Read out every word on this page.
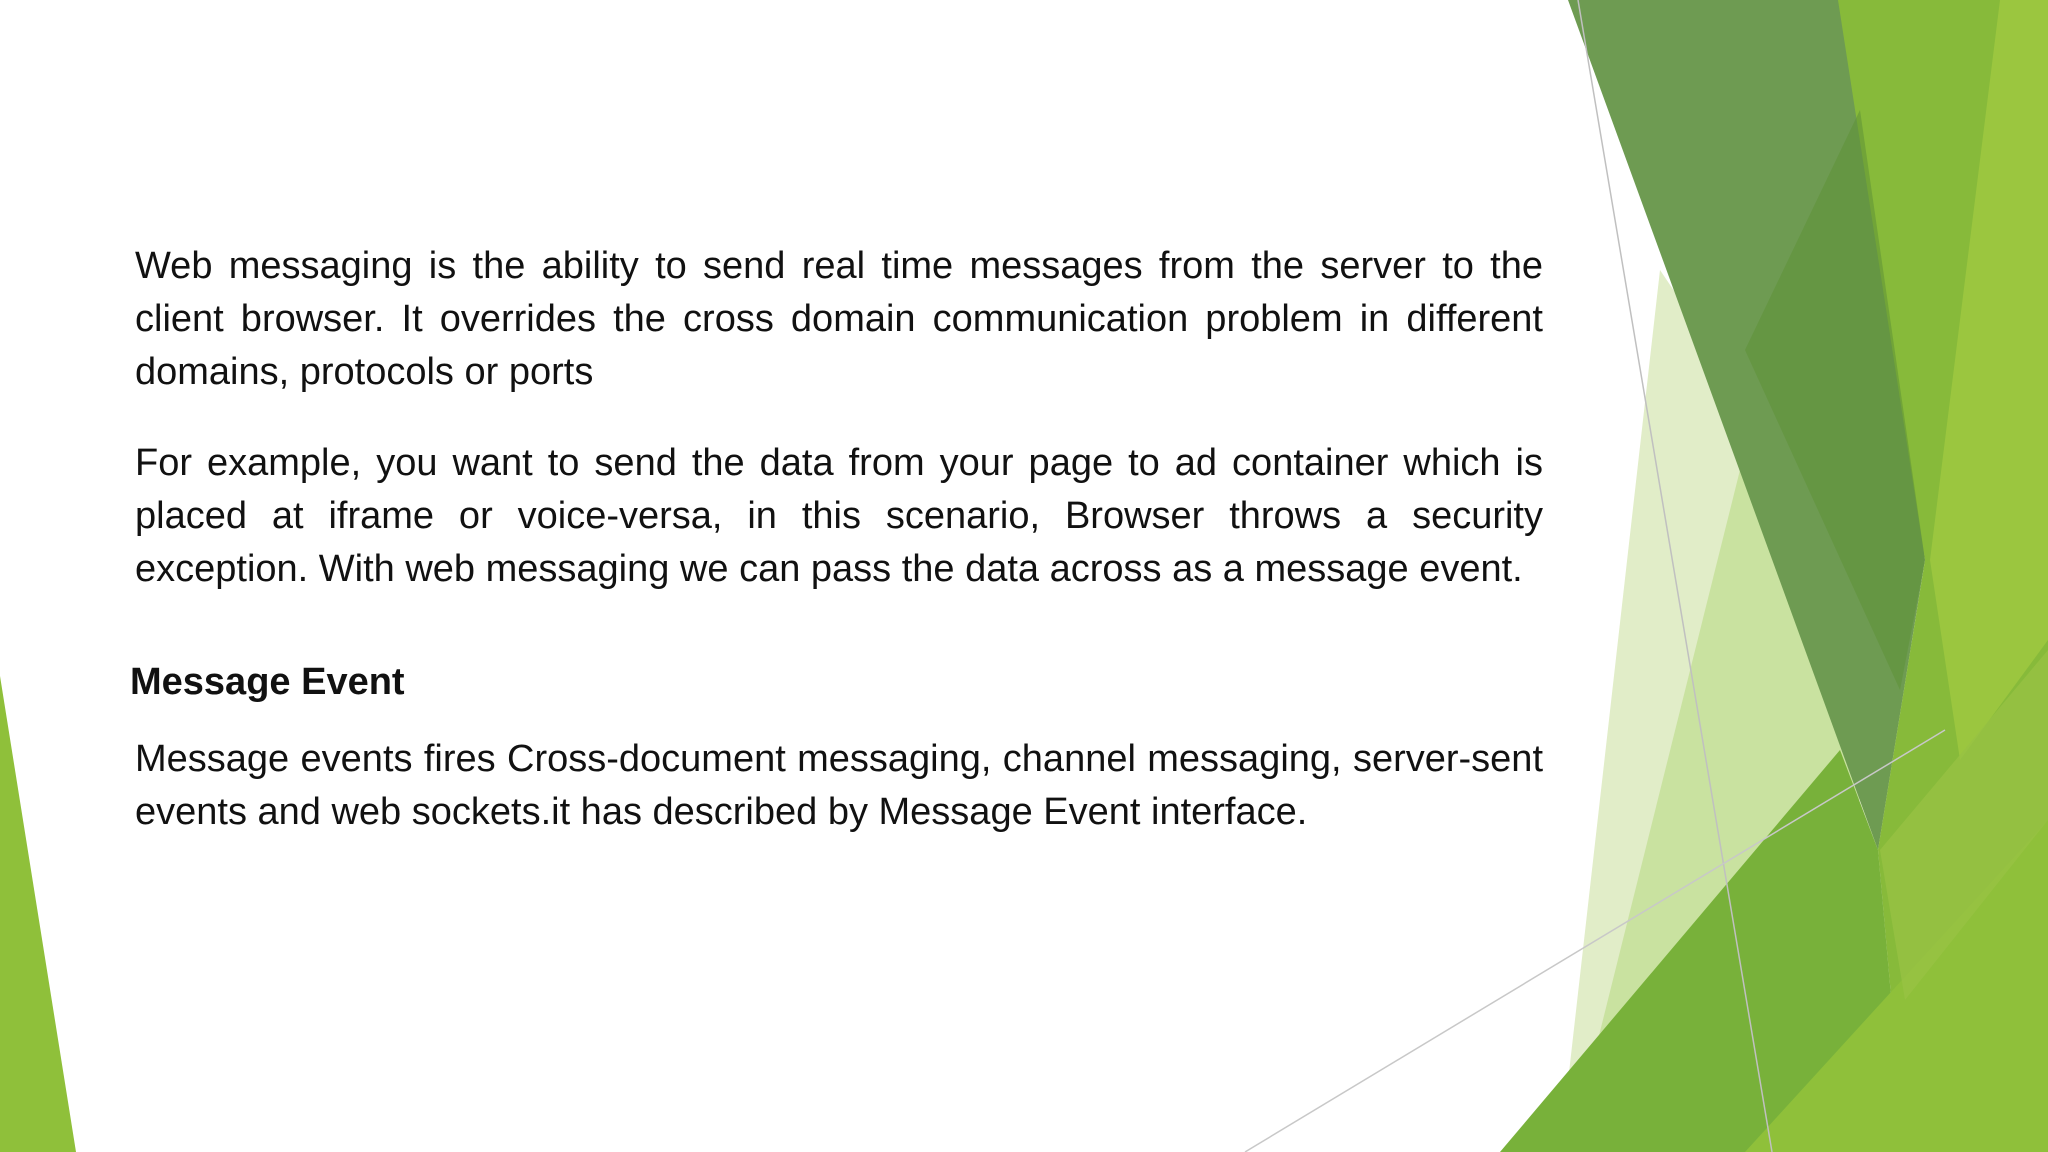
Web messaging is the ability to send real time messages from the server to the client browser. It overrides the cross domain communication problem in different domains, protocols or ports

For example, you want to send the data from your page to ad container which is placed at iframe or voice-versa, in this scenario, Browser throws a security exception. With web messaging we can pass the data across as a message event.

Message Event

Message events fires Cross-document messaging, channel messaging, server-sent events and web sockets.it has described by Message Event interface.
